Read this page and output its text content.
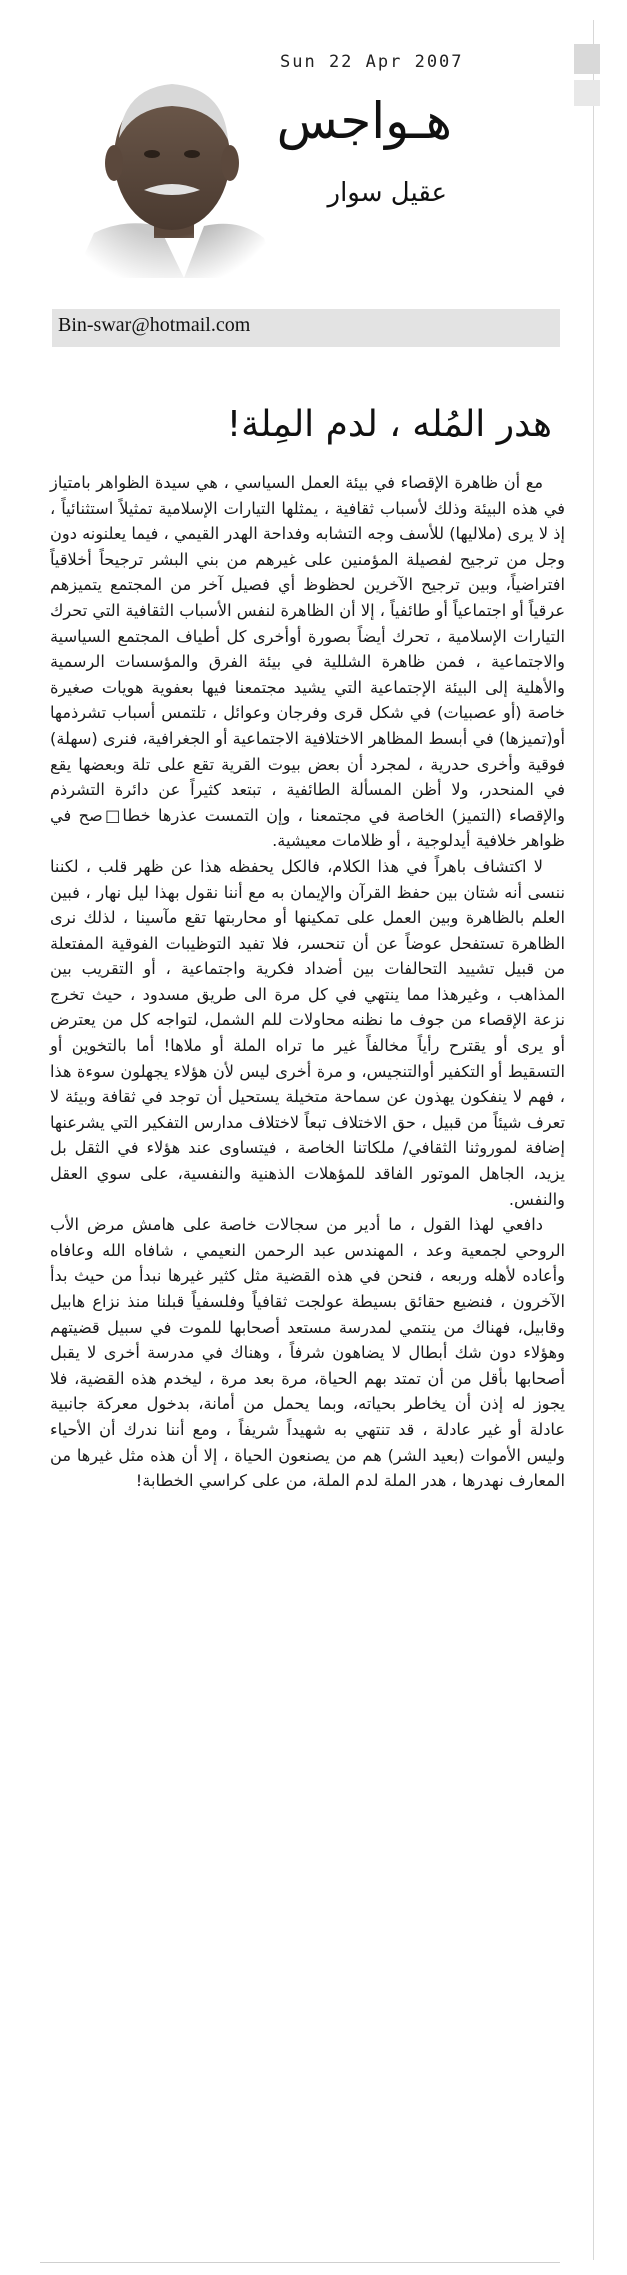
Sun 22 Apr 2007
هـواجس
عقيل سوار
Bin-swar@hotmail.com
هدر المُله ، لدم المِلة!

مع أن ظاهرة الإقصاء في بيئة العمل السياسي ، هي سيدة الظواهر بامتياز في هذه البيئة وذلك لأسباب ثقافية ، يمثلها التيارات الإسلامية تمثيلاً استثنائياً ، إذ لا يرى (ملاليها) للأسف وجه التشابه وفداحة الهدر القيمي ، فيما يعلنونه دون وجل من ترجيح لفصيلة المؤمنين على غيرهم من بني البشر ترجيحاً أخلاقياً افتراضياً، وبين ترجيح الآخرين لحظوظ أي فصيل آخر من المجتمع يتميزهم عرقياً أو اجتماعياً أو طائفياً ، إلا أن الظاهرة لنفس الأسباب الثقافية التي تحرك التيارات الإسلامية ، تحرك أيضاً بصورة أوأخرى كل أطياف المجتمع السياسية والاجتماعية ، فمن ظاهرة الشللية في بيئة الفرق والمؤسسات الرسمية والأهلية إلى البيئة الإجتماعية التي يشيد مجتمعنا فيها بعفوية هويات صغيرة خاصة (أو عصبيات) في شكل قرى وفرجان وعوائل ، تلتمس أسباب تشرذمها أو(تميزها) في أبسط المظاهر الاختلافية الاجتماعية أو الجغرافية، فنرى (سهلة) فوقية وأخرى حدرية ، لمجرد أن بعض بيوت القرية تقع على تلة وبعضها يقع في المنحدر، ولا أظن المسألة الطائفية ، تبتعد كثيراً عن دائرة التشرذم والإقصاء (التميز) الخاصة في مجتمعنا ، وإن التمست عذرها خطا□صح في ظواهر خلافية أيدلوجية ، أو ظلامات معيشية.

لا اكتشاف باهراً في هذا الكلام، فالكل يحفظه هذا عن ظهر قلب ، لكننا ننسى أنه شتان بين حفظ القرآن والإيمان به مع أننا نقول بهذا ليل نهار ، فبين العلم بالظاهرة وبين العمل على تمكينها أو محاربتها تقع مآسينا ، لذلك نرى الظاهرة تستفحل عوضاً عن أن تنحسر، فلا تفيد التوظيبات الفوقية المفتعلة من قبيل تشييد التحالفات بين أضداد فكرية واجتماعية ، أو التقريب بين المذاهب ، وغيرهذا مما ينتهي في كل مرة الى طريق مسدود ، حيث تخرج نزعة الإقصاء من جوف ما نظنه محاولات للم الشمل، لتواجه كل من يعترض أو يرى أو يقترح رأياً مخالفاً غير ما تراه الملة أو ملاها! أما بالتخوين أو التسقيط أو التكفير أوالتنجيس، و مرة أخرى ليس لأن هؤلاء يجهلون سوءة هذا ، فهم لا ينفكون يهذون عن سماحة متخيلة يستحيل أن توجد في ثقافة وبيئة لا تعرف شيئاً من قبيل ، حق الاختلاف تبعاً لاختلاف مدارس التفكير التي يشرعنها إضافة لموروثنا الثقافي/ ملكاتنا الخاصة ، فيتساوى عند هؤلاء في الثقل بل يزيد، الجاهل الموتور الفاقد للمؤهلات الذهنية والنفسية، على سوي العقل والنفس.

دافعي لهذا القول ، ما أدير من سجالات خاصة على هامش مرض الأب الروحي لجمعية وعد ، المهندس عبد الرحمن النعيمي ، شافاه الله وعافاه وأعاده لأهله وربعه ، فنحن في هذه القضية مثل كثير غيرها نبدأ من حيث بدأ الآخرون ، فنضيع حقائق بسيطة عولجت ثقافياً وفلسفياً قبلنا منذ نزاع هابيل وقابيل، فهناك من ينتمي لمدرسة مستعد أصحابها للموت في سبيل قضيتهم وهؤلاء دون شك أبطال لا يضاهون شرفاً ، وهناك في مدرسة أخرى لا يقبل أصحابها بأقل من أن تمتد بهم الحياة، مرة بعد مرة ، ليخدم هذه القضية، فلا يجوز له إذن أن يخاطر بحياته، وبما يحمل من أمانة، بدخول معركة جانبية عادلة أو غير عادلة ، قد تنتهي به شهيداً شريفاً ، ومع أننا ندرك أن الأحياء وليس الأموات (بعيد الشر) هم من يصنعون الحياة ، إلا أن هذه مثل غيرها من المعارف نهدرها ، هدر الملة لدم الملة، من على كراسي الخطابة!
